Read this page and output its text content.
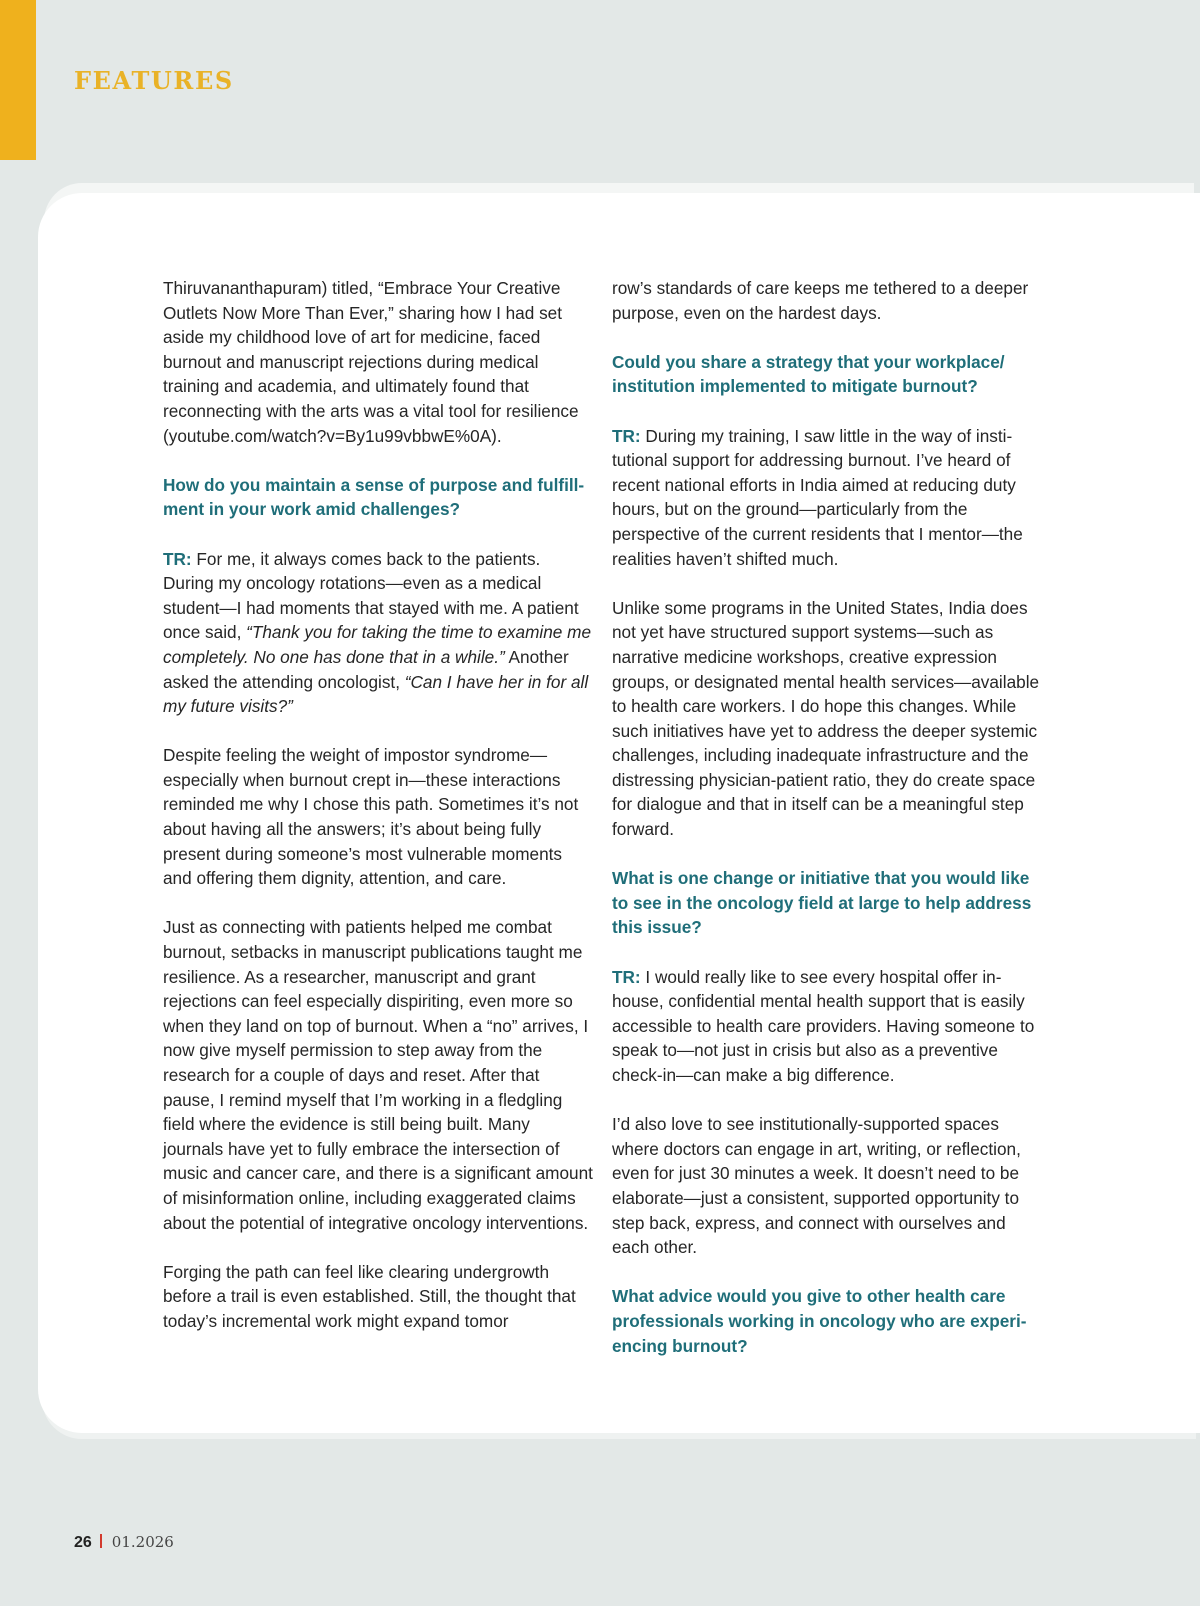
FEATURES

Thiruvananthapuram) titled, “Embrace Your Creative Outlets Now More Than Ever,” sharing how I had set aside my childhood love of art for medicine, faced burnout and manuscript rejections during medical training and academia, and ultimately found that reconnecting with the arts was a vital tool for resilience (youtube.com/watch?v=By1u99vbbwE%0A).

How do you maintain a sense of purpose and fulfillment in your work amid challenges?

TR: For me, it always comes back to the patients. During my oncology rotations—even as a medical student—I had moments that stayed with me. A patient once said, “Thank you for taking the time to examine me completely. No one has done that in a while.” Another asked the attending oncologist, “Can I have her in for all my future visits?”

Despite feeling the weight of impostor syndrome—especially when burnout crept in—these interactions reminded me why I chose this path. Sometimes it’s not about having all the answers; it’s about being fully present during someone’s most vulnerable moments and offering them dignity, attention, and care.

Just as connecting with patients helped me combat burnout, setbacks in manuscript publications taught me resilience. As a researcher, manuscript and grant rejections can feel especially dispiriting, even more so when they land on top of burnout. When a “no” arrives, I now give myself permission to step away from the research for a couple of days and reset. After that pause, I remind myself that I’m working in a fledgling field where the evidence is still being built. Many journals have yet to fully embrace the intersection of music and cancer care, and there is a significant amount of misinformation online, including exaggerated claims about the potential of integrative oncology interventions.

Forging the path can feel like clearing undergrowth before a trail is even established. Still, the thought that today’s incremental work might expand tomor

row’s standards of care keeps me tethered to a deeper purpose, even on the hardest days.

Could you share a strategy that your workplace/ institution implemented to mitigate burnout?

TR: During my training, I saw little in the way of institutional support for addressing burnout. I’ve heard of recent national efforts in India aimed at reducing duty hours, but on the ground—particularly from the perspective of the current residents that I mentor—the realities haven’t shifted much.

Unlike some programs in the United States, India does not yet have structured support systems—such as narrative medicine workshops, creative expression groups, or designated mental health services—available to health care workers. I do hope this changes. While such initiatives have yet to address the deeper systemic challenges, including inadequate infrastructure and the distressing physician-patient ratio, they do create space for dialogue and that in itself can be a meaningful step forward.

What is one change or initiative that you would like to see in the oncology field at large to help address this issue?

TR: I would really like to see every hospital offer in-house, confidential mental health support that is easily accessible to health care providers. Having someone to speak to—not just in crisis but also as a preventive check-in—can make a big difference.

I’d also love to see institutionally-supported spaces where doctors can engage in art, writing, or reflection, even for just 30 minutes a week. It doesn’t need to be elaborate—just a consistent, supported opportunity to step back, express, and connect with ourselves and each other.

What advice would you give to other health care professionals working in oncology who are experiencing burnout?

26 01.2026
